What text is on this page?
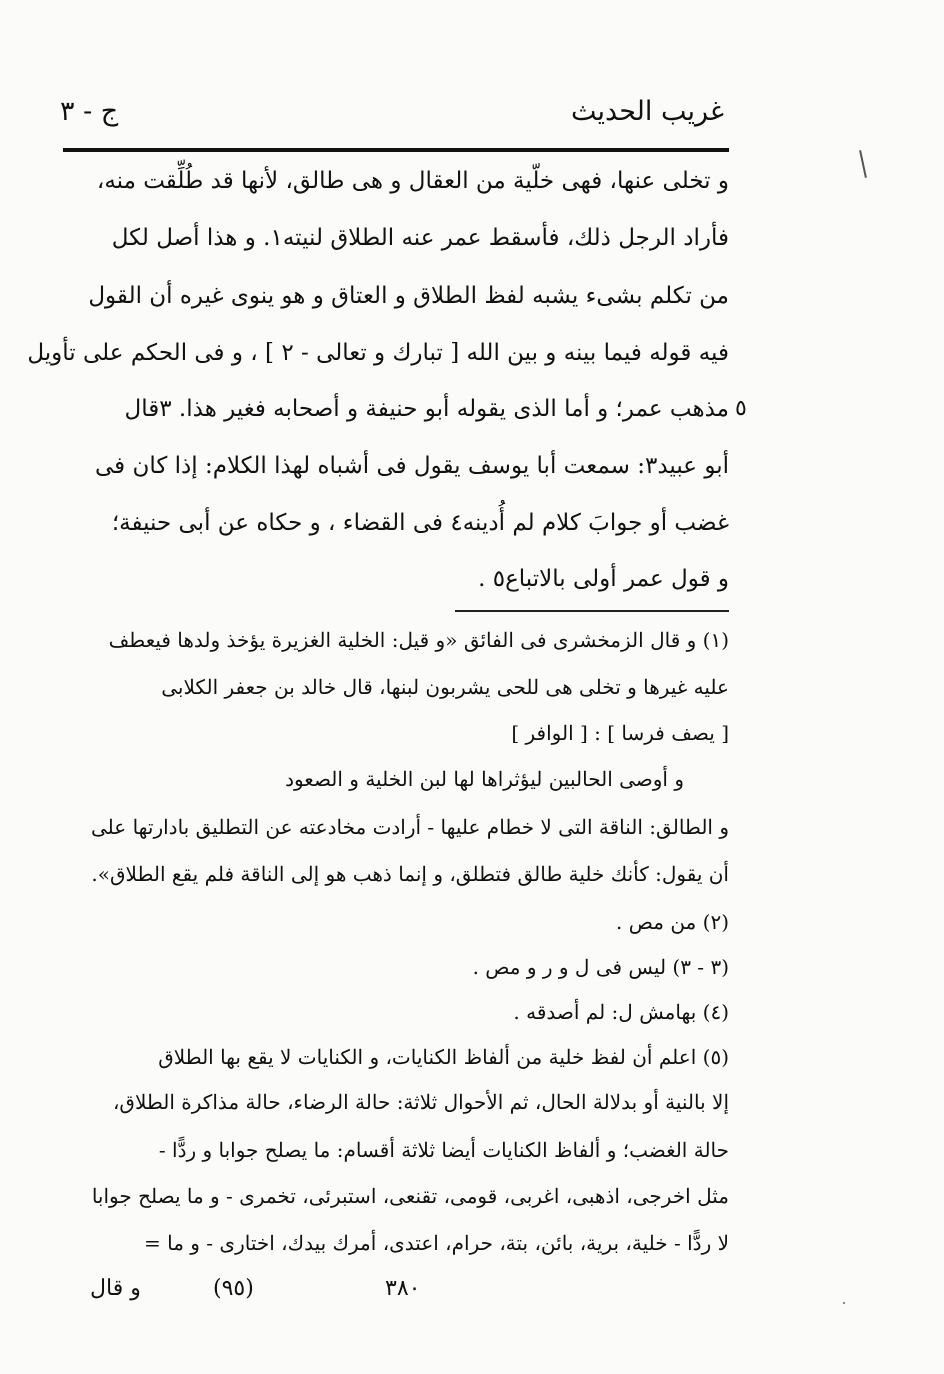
غريب الحديث
ج - ٣
و تخلى عنها، فهى خلّية من العقال و هى طالق، لأنها قد طُلِّقت منه،
فأراد الرجل ذلك، فأسقط عمر عنه الطلاق لنيته١. و هذا أصل لكل
من تكلم بشىء يشبه لفظ الطلاق و العتاق و هو ينوى غيره أن القول
فيه قوله فيما بينه و بين الله [ تبارك و تعالى - ٢ ] ، و فى الحكم على تأويل
مذهب عمر؛ و أما الذى يقوله أبو حنيفة و أصحابه فغير هذا. ٣قال
أبو عبيد٣: سمعت أبا يوسف يقول فى أشباه لهذا الكلام: إذا كان فى
غضب أو جوابَ كلام لم أُدينه٤ فى القضاء ، و حكاه عن أبى حنيفة؛
و قول عمر أولى بالاتباع٥ .
٥
(١) و قال الزمخشرى فى الفائق «و قيل: الخلية الغزيرة يؤخذ ولدها فيعطف
عليه غيرها و تخلى هى للحى يشربون لبنها، قال خالد بن جعفر الكلابى
[ يصف فرسا ] : [ الوافر ]
و أوصى الحالبين ليؤثراها لها لبن الخلية و الصعود
و الطالق: الناقة التى لا خطام عليها - أرادت مخادعته عن التطليق بادارتها على
أن يقول: كأنك خلية طالق فتطلق، و إنما ذهب هو إلى الناقة فلم يقع الطلاق».
(٢) من مص .
(٣ - ٣) ليس فى ل و ر و مص .
(٤) بهامش ل: لم أصدقه .
(٥) اعلم أن لفظ خلية من ألفاظ الكنايات، و الكنايات لا يقع بها الطلاق
إلا بالنية أو بدلالة الحال، ثم الأحوال ثلاثة: حالة الرضاء، حالة مذاكرة الطلاق،
حالة الغضب؛ و ألفاظ الكنايات أيضا ثلاثة أقسام: ما يصلح جوابا و ردًّا -
مثل اخرجى، اذهبى، اغربى، قومى، تقنعى، استبرئى، تخمرى - و ما يصلح جوابا
لا ردًّا - خلية، برية، بائن، بتة، حرام، اعتدى، أمرك بيدك، اختارى - و ما =
و قال	(٩٥)	٣٨٠
